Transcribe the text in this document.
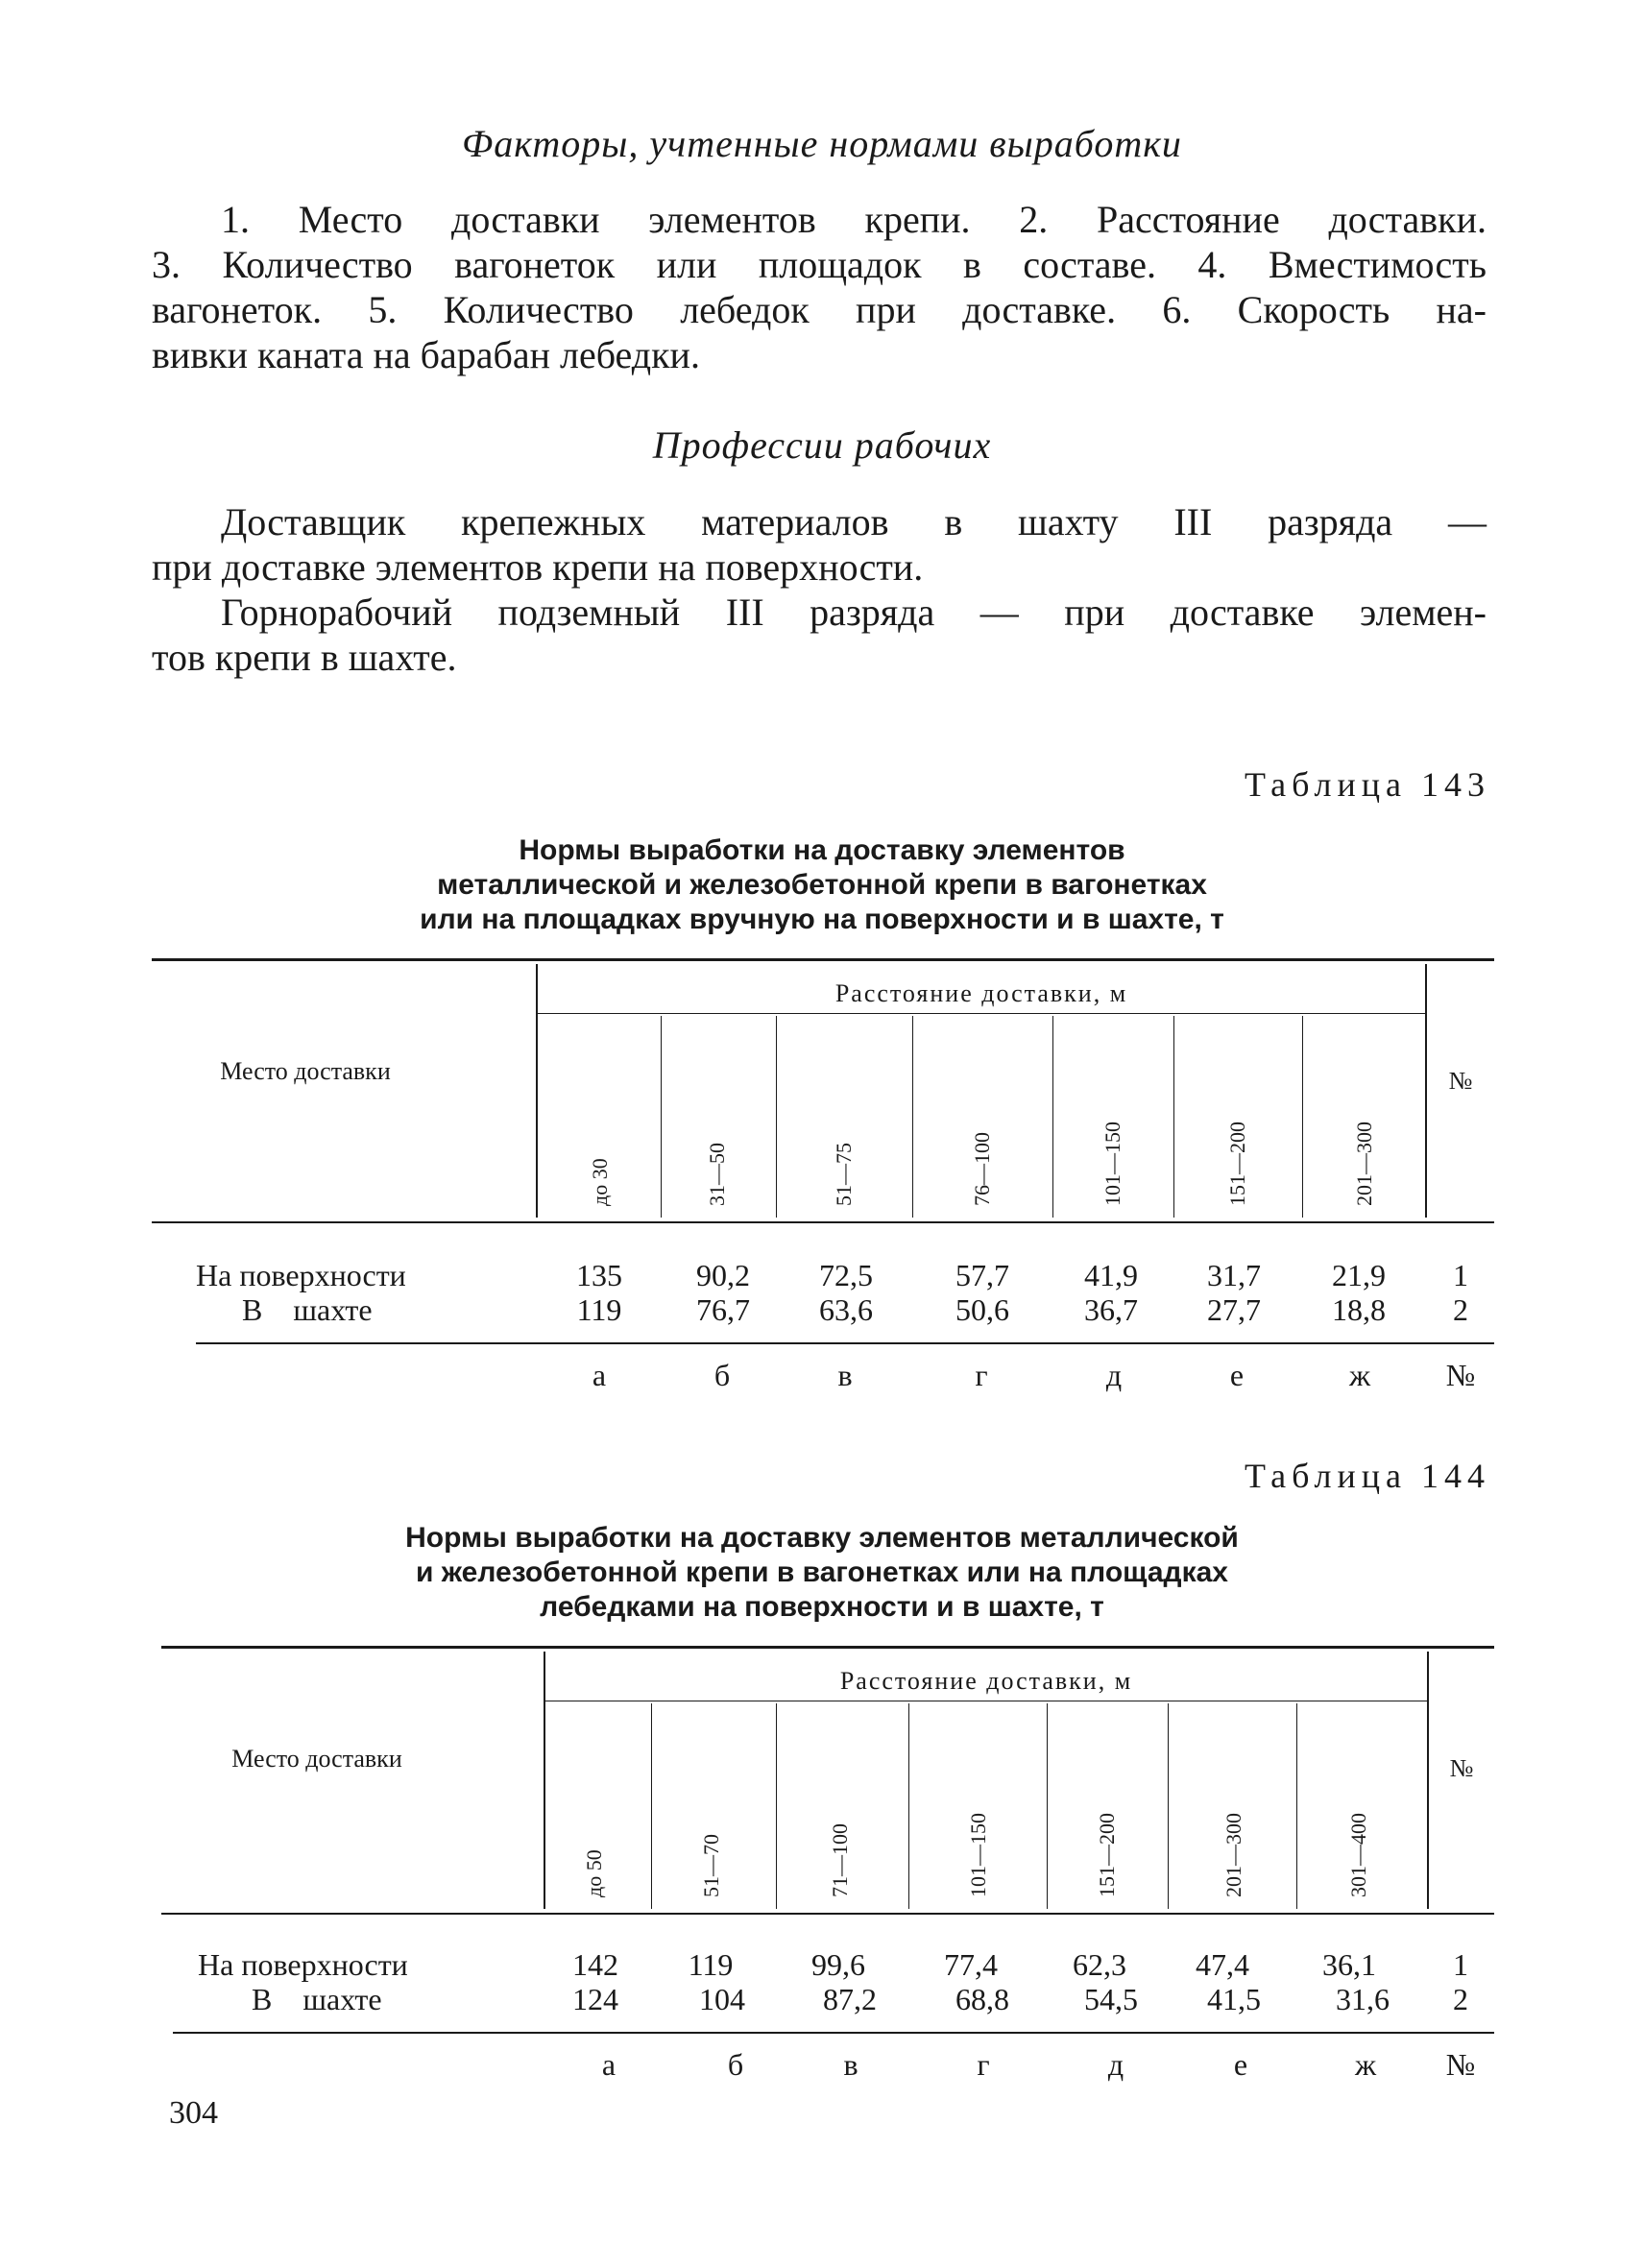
Факторы, учтенные нормами выработки
1. Место доставки элементов крепи. 2. Расстояние доставки.
3. Количество вагонеток или площадок в составе. 4. Вместимость
вагонеток. 5. Количество лебедок при доставке. 6. Скорость на-
вивки каната на барабан лебедки.
Профессии рабочих
Доставщик крепежных материалов в шахту III разряда —
при доставке элементов крепи на поверхности.
Горнорабочий подземный III разряда — при доставке элемен-
тов крепи в шахте.
Таблица 143
Нормы выработки на доставку элементов
металлической и железобетонной крепи в вагонетках
или на площадках вручную на поверхности и в шахте, т
Расстояние доставки, м
Место доставки	№
до 30	31—50	51—75	76—100	101—150	151—200	201—300
На поверхности	135	90,2	72,5	57,7	41,9	31,7	21,9	1
В шахте	119	76,7	63,6	50,6	36,7	27,7	18,8	2
а	б	в	г	д	е	ж	№
Таблица 144
Нормы выработки на доставку элементов металлической
и железобетонной крепи в вагонетках или на площадках
лебедками на поверхности и в шахте, т
Расстояние доставки, м
Место доставки	№
до 50	51—70	71—100	101—150	151—200	201—300	301—400
На поверхности	142	119	99,6	77,4	62,3	47,4	36,1	1
В шахте	124	104	87,2	68,8	54,5	41,5	31,6	2
а	б	в	г	д	е	ж	№
304
